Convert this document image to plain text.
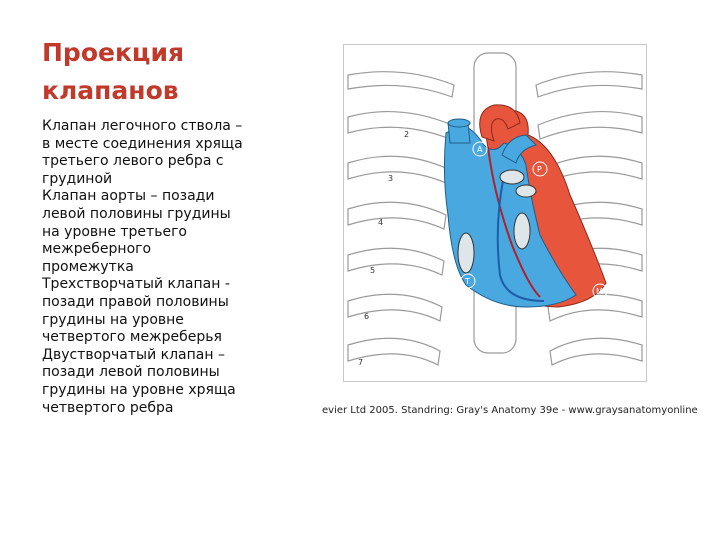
Проекция
клапанов
Клапан легочного ствола –
в месте соединения хряща
третьего левого ребра с
грудиной
Клапан аорты – позади
левой половины грудины
на уровне третьего
межреберного
промежутка
Трехстворчатый клапан -
позади правой половины
грудины на уровне
четвертого межреберья
Двустворчатый клапан –
позади левой половины
грудины на уровне хряща
четвертого ребра
A
P
T
M
2
3
4
5
6
7
evier Ltd 2005. Standring: Gray's Anatomy 39e - www.graysanatomyonline
